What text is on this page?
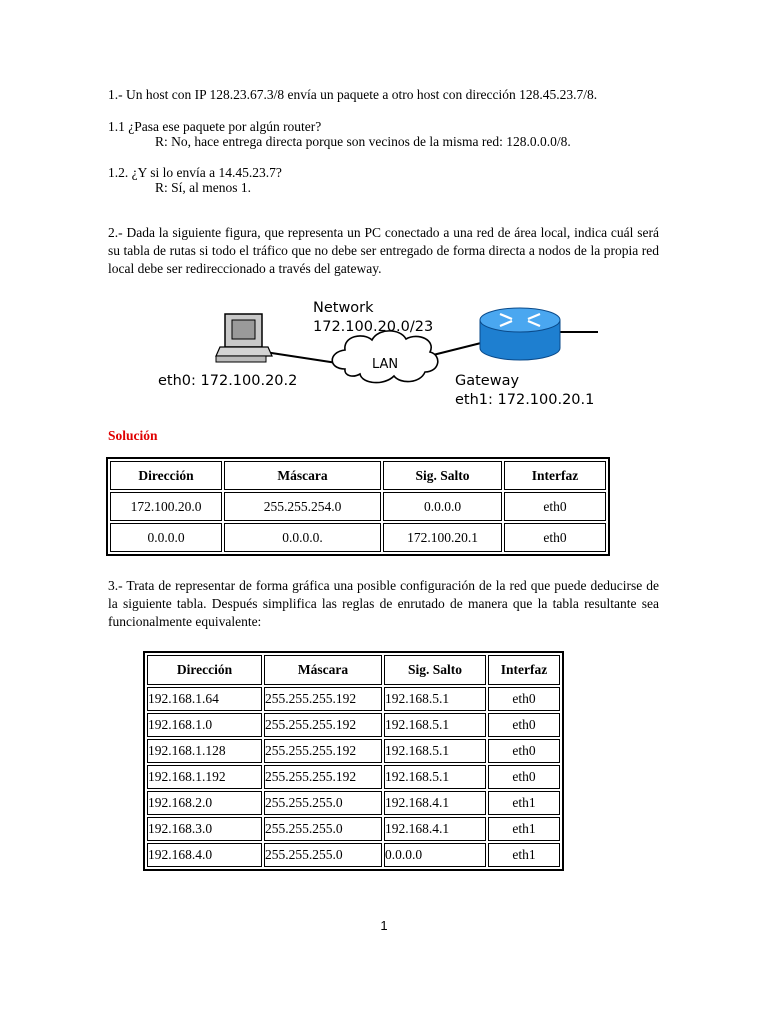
1.- Un host con IP 128.23.67.3/8 envía un paquete a otro host con dirección 128.45.23.7/8.

1.1 ¿Pasa ese paquete por algún router?

R: No, hace entrega directa porque son vecinos de la misma red: 128.0.0.0/8.

1.2. ¿Y si lo envía a 14.45.23.7?

R: Sí, al menos 1.

2.- Dada la siguiente figura, que representa un PC conectado a una red de área local, indica cuál será su tabla de rutas si todo el tráfico que no debe ser entregado de forma directa a nodos de la propia red local debe ser redireccionado a través del gateway.

LAN
Network
172.100.20.0/23
eth0: 172.100.20.2	Gateway
eth1: 172.100.20.1
Solución
Dirección	Máscara	Sig. Salto	Interfaz
172.100.20.0	255.255.254.0	0.0.0.0	eth0
0.0.0.0	0.0.0.0.	172.100.20.1	eth0

3.- Trata de representar de forma gráfica una posible configuración de la red que puede deducirse de la siguiente tabla. Después simplifica las reglas de enrutado de manera que la tabla resultante sea funcionalmente equivalente:

Dirección	Máscara	Sig. Salto	Interfaz
192.168.1.64	255.255.255.192	192.168.5.1	eth0
192.168.1.0	255.255.255.192	192.168.5.1	eth0
192.168.1.128	255.255.255.192	192.168.5.1	eth0
192.168.1.192	255.255.255.192	192.168.5.1	eth0
192.168.2.0	255.255.255.0	192.168.4.1	eth1
192.168.3.0	255.255.255.0	192.168.4.1	eth1
192.168.4.0	255.255.255.0	0.0.0.0	eth1
1
